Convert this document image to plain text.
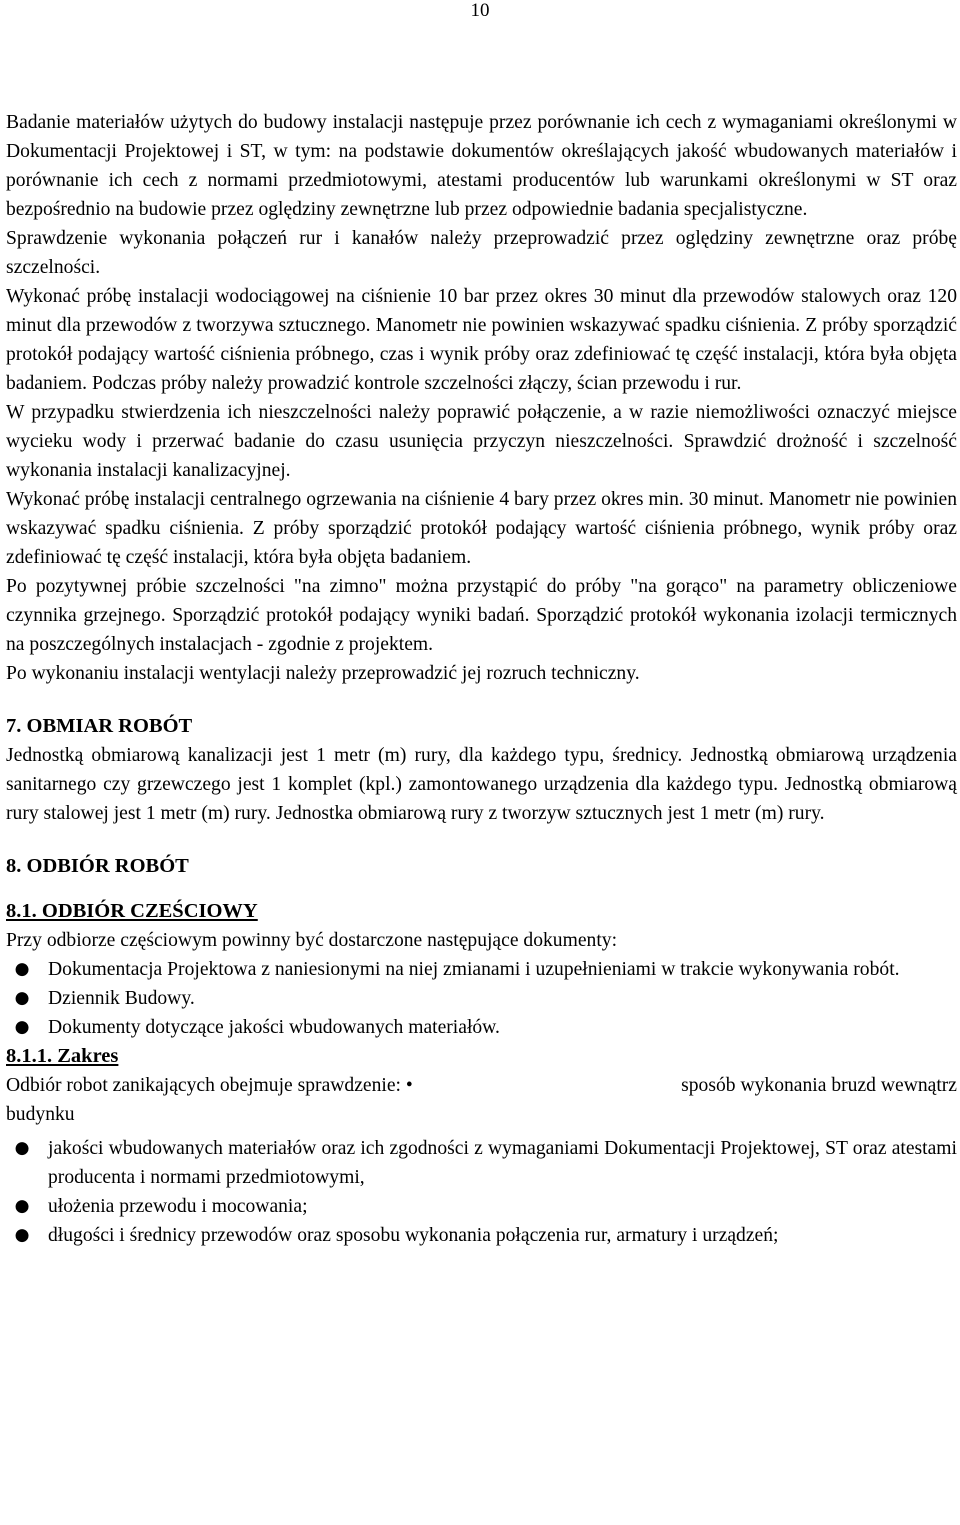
10

Badanie materiałów użytych do budowy instalacji następuje przez porównanie ich cech z wymaganiami określonymi w Dokumentacji Projektowej i ST, w tym: na podstawie dokumentów określających jakość wbudowanych materiałów i porównanie ich cech z normami przedmiotowymi, atestami producentów lub warunkami określonymi w ST oraz bezpośrednio na budowie przez oględziny zewnętrzne lub przez odpowiednie badania specjalistyczne.

Sprawdzenie wykonania połączeń rur i kanałów należy przeprowadzić przez oględziny zewnętrzne oraz próbę szczelności.

Wykonać próbę instalacji wodociągowej na ciśnienie 10 bar przez okres 30 minut dla przewodów stalowych oraz 120 minut dla przewodów z tworzywa sztucznego. Manometr nie powinien wskazywać spadku ciśnienia. Z próby sporządzić protokół podający wartość ciśnienia próbnego, czas i wynik próby oraz zdefiniować tę część instalacji, która była objęta badaniem. Podczas próby należy prowadzić kontrole szczelności złączy, ścian przewodu i rur.

W przypadku stwierdzenia ich nieszczelności należy poprawić połączenie, a w razie niemożliwości oznaczyć miejsce wycieku wody i przerwać badanie do czasu usunięcia przyczyn nieszczelności. Sprawdzić drożność i szczelność wykonania instalacji kanalizacyjnej.

Wykonać próbę instalacji centralnego ogrzewania na ciśnienie 4 bary przez okres min. 30 minut. Manometr nie powinien wskazywać spadku ciśnienia. Z próby sporządzić protokół podający wartość ciśnienia próbnego, wynik próby oraz zdefiniować tę część instalacji, która była objęta badaniem.

Po pozytywnej próbie szczelności "na zimno" można przystąpić do próby "na gorąco" na parametry obliczeniowe czynnika grzejnego. Sporządzić protokół podający wyniki badań. Sporządzić protokół wykonania izolacji termicznych na poszczególnych instalacjach - zgodnie z projektem.

Po wykonaniu instalacji wentylacji należy przeprowadzić jej rozruch techniczny.

7. OBMIAR ROBÓT

Jednostką obmiarową kanalizacji jest 1 metr (m) rury, dla każdego typu, średnicy. Jednostką obmiarową urządzenia sanitarnego czy grzewczego jest 1 komplet (kpl.) zamontowanego urządzenia dla każdego typu. Jednostką obmiarową rury stalowej jest 1 metr (m) rury. Jednostka obmiarową rury z tworzyw sztucznych jest 1 metr (m) rury.

8. ODBIÓR ROBÓT
8.1. ODBIÓR CZEŚCIOWY

Przy odbiorze częściowym powinny być dostarczone następujące dokumenty:

● Dokumentacja Projektowa z naniesionymi na niej zmianami i uzupełnieniami w trakcie wykonywania robót.
● Dziennik Budowy.
● Dokumenty dotyczące jakości wbudowanych materiałów.
8.1.1. Zakres
Odbiór robot zanikających obejmuje sprawdzenie: •	sposób wykonania bruzd wewnątrz

budynku

● jakości wbudowanych materiałów oraz ich zgodności z wymaganiami Dokumentacji Projektowej, ST oraz atestami producenta i normami przedmiotowymi,
● ułożenia przewodu i mocowania;
● długości i średnicy przewodów oraz sposobu wykonania połączenia rur, armatury i urządzeń;
